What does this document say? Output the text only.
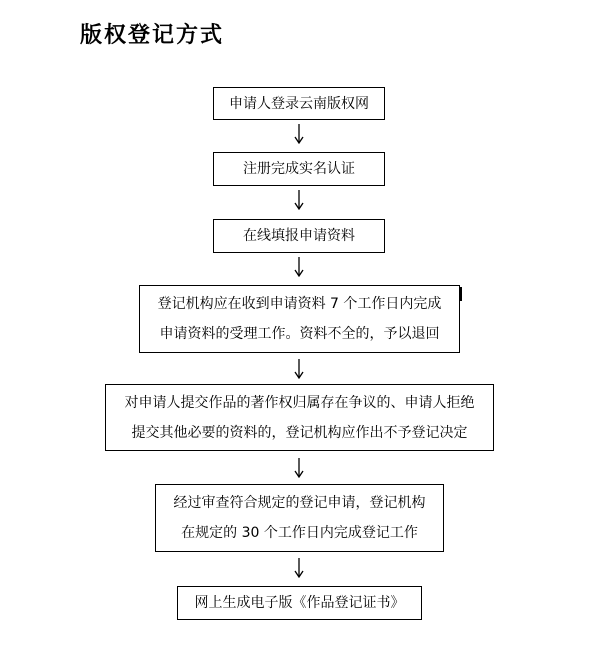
版权登记方式
申请人登录云南版权网
注册完成实名认证
在线填报申请资料
登记机构应在收到申请资料 7 个工作日内完成
申请资料的受理工作。资料不全的，予以退回
对申请人提交作品的著作权归属存在争议的、申请人拒绝
提交其他必要的资料的，登记机构应作出不予登记决定
经过审查符合规定的登记申请，登记机构
在规定的 30 个工作日内完成登记工作
网上生成电子版《作品登记证书》
